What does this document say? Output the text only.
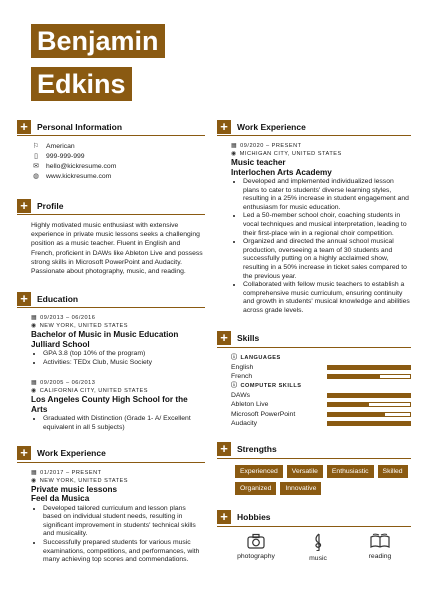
Benjamin
Edkins
+	Personal Information
⚐ American
▯	999-999-999
✉	hello@kickresume.com
◍ www.kickresume.com
+	Profile
Highly motivated music enthusiast with extensive experience in private music lessons seeks a challenging position as a music teacher. Fluent in English and French, proficient in DAWs like Ableton Live and possess strong skills in Microsoft PowerPoint and Audacity. Passionate about photography, music, and reading.
+	Education
▦ 09/2013 – 06/2016
◉ NEW YORK, UNITED STATES
Bachelor of Music in Music Education
Julliard School
• GPA 3.8 (top 10% of the program)
• Activities: TEDx Club, Music Society
▦ 09/2005 – 06/2013
◉ CALIFORNIA CITY, UNITED STATES
Los Angeles County High School for the Arts
• Graduated with Distinction (Grade 1- A/ Excellent equivalent in all 5 subjects)
+	Work Experience
▦ 01/2017 – PRESENT
◉ NEW YORK, UNITED STATES
Private music lessons
Feel da Musica
• Developed tailored curriculum and lesson plans based on individual student needs, resulting in significant improvement in students' technical skills and musicality.
• Successfully prepared students for various music examinations, competitions, and performances, with many achieving top scores and commendations.
+	Work Experience
▦ 09/2020 – PRESENT
◉ MICHIGAN CITY, UNITED STATES
Music teacher
Interlochen Arts Academy
• Developed and implemented individualized lesson plans to cater to students' diverse learning styles, resulting in a 25% increase in student engagement and enthusiasm for music education.
• Led a 50-member school choir, coaching students in vocal techniques and musical interpretation, leading to their first-place win in a regional choir competition.
• Organized and directed the annual school musical production, overseeing a team of 30 students and successfully putting on a highly acclaimed show, resulting in a 50% increase in ticket sales compared to the previous year.
• Collaborated with fellow music teachers to establish a comprehensive music curriculum, ensuring continuity and growth in students' musical knowledge and abilities across grade levels.
+	Skills
ⓘ LANGUAGES
English
French
ⓘ COMPUTER SKILLS
DAWs
Ableton Live
Microsoft PowerPoint
Audacity
+	Strengths
Experienced	Versatile	Enthusiastic	Skilled
Organized	Innovative
+	Hobbies
photography	music	reading
